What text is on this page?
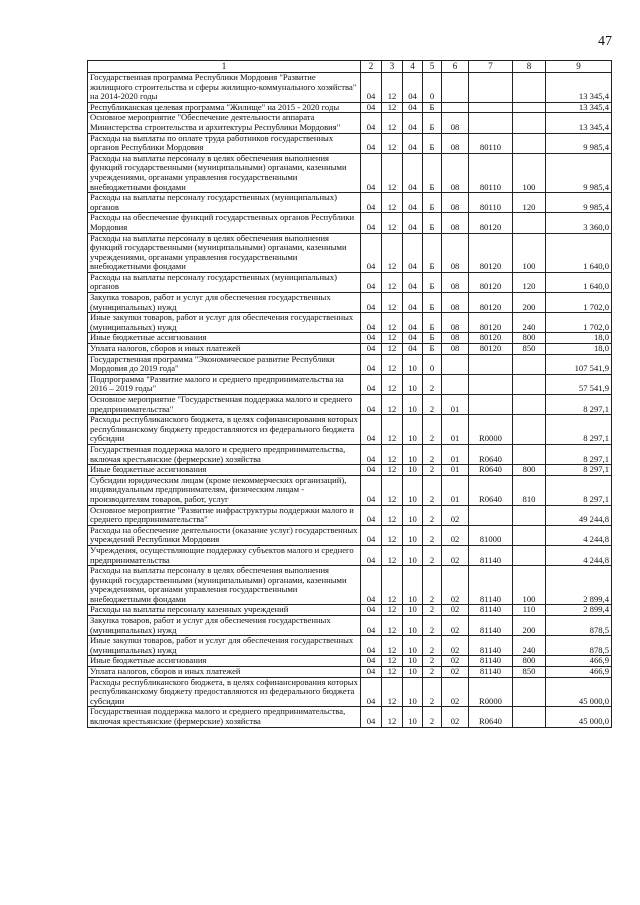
47
1	2	3	4	5	6	7	8	9
Государственная программа Республики Мордовия "Развитие жилищного строительства и сферы жилищно-коммунального хозяйства" на 2014-2020 годы	04	12	04	0				13 345,4
Республиканская целевая программа "Жилище" на 2015 - 2020 годы	04	12	04	Б				13 345,4
Основное мероприятие "Обеспечение деятельности аппарата Министерства строительства и архитектуры Республики Мордовия"	04	12	04	Б	08			13 345,4
Расходы на выплаты по оплате труда работников государственных органов Республики Мордовия	04	12	04	Б	08	80110		9 985,4
Расходы на выплаты персоналу в целях обеспечения выполнения функций государственными (муниципальными) органами, казенными учреждениями, органами управления государственными внебюджетными фондами	04	12	04	Б	08	80110	100	9 985,4
Расходы на выплаты персоналу государственных (муниципальных) органов	04	12	04	Б	08	80110	120	9 985,4
Расходы на обеспечение функций государственных органов Республики Мордовия	04	12	04	Б	08	80120		3 360,0
Расходы на выплаты персоналу в целях обеспечения выполнения функций государственными (муниципальными) органами, казенными учреждениями, органами управления государственными внебюджетными фондами	04	12	04	Б	08	80120	100	1 640,0
Расходы на выплаты персоналу государственных (муниципальных) органов	04	12	04	Б	08	80120	120	1 640,0
Закупка товаров, работ и услуг для обеспечения государственных (муниципальных) нужд	04	12	04	Б	08	80120	200	1 702,0
Иные закупки товаров, работ и услуг для обеспечения государственных (муниципальных) нужд	04	12	04	Б	08	80120	240	1 702,0
Иные бюджетные ассигнования	04	12	04	Б	08	80120	800	18,0
Уплата налогов, сборов и иных платежей	04	12	04	Б	08	80120	850	18,0
Государственная программа "Экономическое развитие Республики Мордовия до 2019 года"	04	12	10	0				107 541,9
Подпрограмма "Развитие малого и среднего предпринимательства на 2016 – 2019 годы"	04	12	10	2				57 541,9
Основное мероприятие "Государственная поддержка малого и среднего предпринимательства"	04	12	10	2	01			8 297,1
Расходы республиканского бюджета, в целях софинансирования которых республиканскому бюджету предоставляются из федерального бюджета субсидии	04	12	10	2	01	R0000		8 297,1
Государственная поддержка малого и среднего предпринимательства, включая крестьянские (фермерские) хозяйства	04	12	10	2	01	R0640		8 297,1
Иные бюджетные ассигнования	04	12	10	2	01	R0640	800	8 297,1
Субсидии юридическим лицам (кроме некоммерческих организаций), индивидуальным предпринимателям, физическим лицам - производителям товаров, работ, услуг	04	12	10	2	01	R0640	810	8 297,1
Основное мероприятие "Развитие инфраструктуры поддержки малого и среднего предпринимательства"	04	12	10	2	02			49 244,8
Расходы на обеспечение деятельности (оказание услуг) государственных учреждений Республики Мордовия	04	12	10	2	02	81000		4 244,8
Учреждения, осуществляющие поддержку субъектов малого и среднего предпринимательства	04	12	10	2	02	81140		4 244,8
Расходы на выплаты персоналу в целях обеспечения выполнения функций государственными (муниципальными) органами, казенными учреждениями, органами управления государственными внебюджетными фондами	04	12	10	2	02	81140	100	2 899,4
Расходы на выплаты персоналу казенных учреждений	04	12	10	2	02	81140	110	2 899,4
Закупка товаров, работ и услуг для обеспечения государственных (муниципальных) нужд	04	12	10	2	02	81140	200	878,5
Иные закупки товаров, работ и услуг для обеспечения государственных (муниципальных) нужд	04	12	10	2	02	81140	240	878,5
Иные бюджетные ассигнования	04	12	10	2	02	81140	800	466,9
Уплата налогов, сборов и иных платежей	04	12	10	2	02	81140	850	466,9
Расходы республиканского бюджета, в целях софинансирования которых республиканскому бюджету предоставляются из федерального бюджета субсидии	04	12	10	2	02	R0000		45 000,0
Государственная поддержка малого и среднего предпринимательства, включая крестьянские (фермерские) хозяйства	04	12	10	2	02	R0640		45 000,0
